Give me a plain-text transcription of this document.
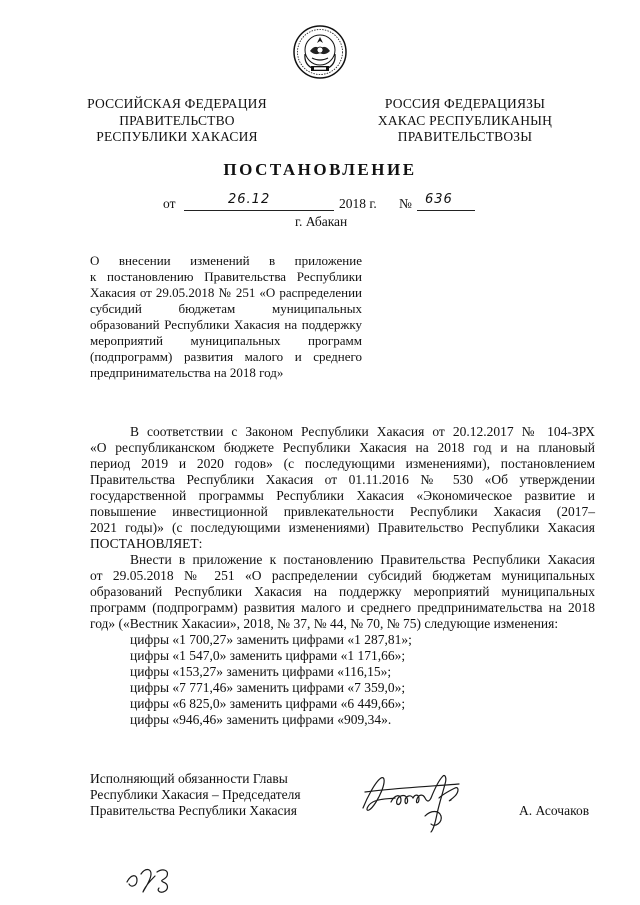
РОССИЙСКАЯ ФЕДЕРАЦИЯ
ПРАВИТЕЛЬСТВО
РЕСПУБЛИКИ ХАКАСИЯ
РОССИЯ ФЕДЕРАЦИЯЗЫ
ХАКАС РЕСПУБЛИКАНЫҢ
ПРАВИТЕЛЬСТВОЗЫ
ПОСТАНОВЛЕНИЕ
от	26.12	2018 г. № 636
г. Абакан
О внесении изменений в приложение
к постановлению Правительства Республики
Хакасия от 29.05.2018 № 251 «О распределении
субсидий бюджетам муниципальных
образований Республики Хакасия на поддержку
мероприятий муниципальных программ
(подпрограмм) развития малого и среднего
предпринимательства на 2018 год»
В соответствии с Законом Республики Хакасия от 20.12.2017 № 104-ЗРХ
«О республиканском бюджете Республики Хакасия на 2018 год и на плановый
период 2019 и 2020 годов» (с последующими изменениями), постановлением
Правительства Республики Хакасия от 01.11.2016 № 530 «Об утверждении
государственной программы Республики Хакасия «Экономическое развитие и
повышение инвестиционной привлекательности Республики Хакасия (2017–
2021 годы)» (с последующими изменениями) Правительство Республики Хакасия
ПОСТАНОВЛЯЕТ:
Внести в приложение к постановлению Правительства Республики Хакасия
от 29.05.2018 № 251 «О распределении субсидий бюджетам муниципальных
образований Республики Хакасия на поддержку мероприятий муниципальных
программ (подпрограмм) развития малого и среднего предпринимательства на 2018
год» («Вестник Хакасии», 2018, № 37, № 44, № 70, № 75) следующие изменения:
цифры «1 700,27» заменить цифрами «1 287,81»;
цифры «1 547,0» заменить цифрами «1 171,66»;
цифры «153,27» заменить цифрами «116,15»;
цифры «7 771,46» заменить цифрами «7 359,0»;
цифры «6 825,0» заменить цифрами «6 449,66»;
цифры «946,46» заменить цифрами «909,34».
Исполняющий обязанности Главы
Республики Хакасия – Председателя
Правительства Республики Хакасия	А. Асочаков
